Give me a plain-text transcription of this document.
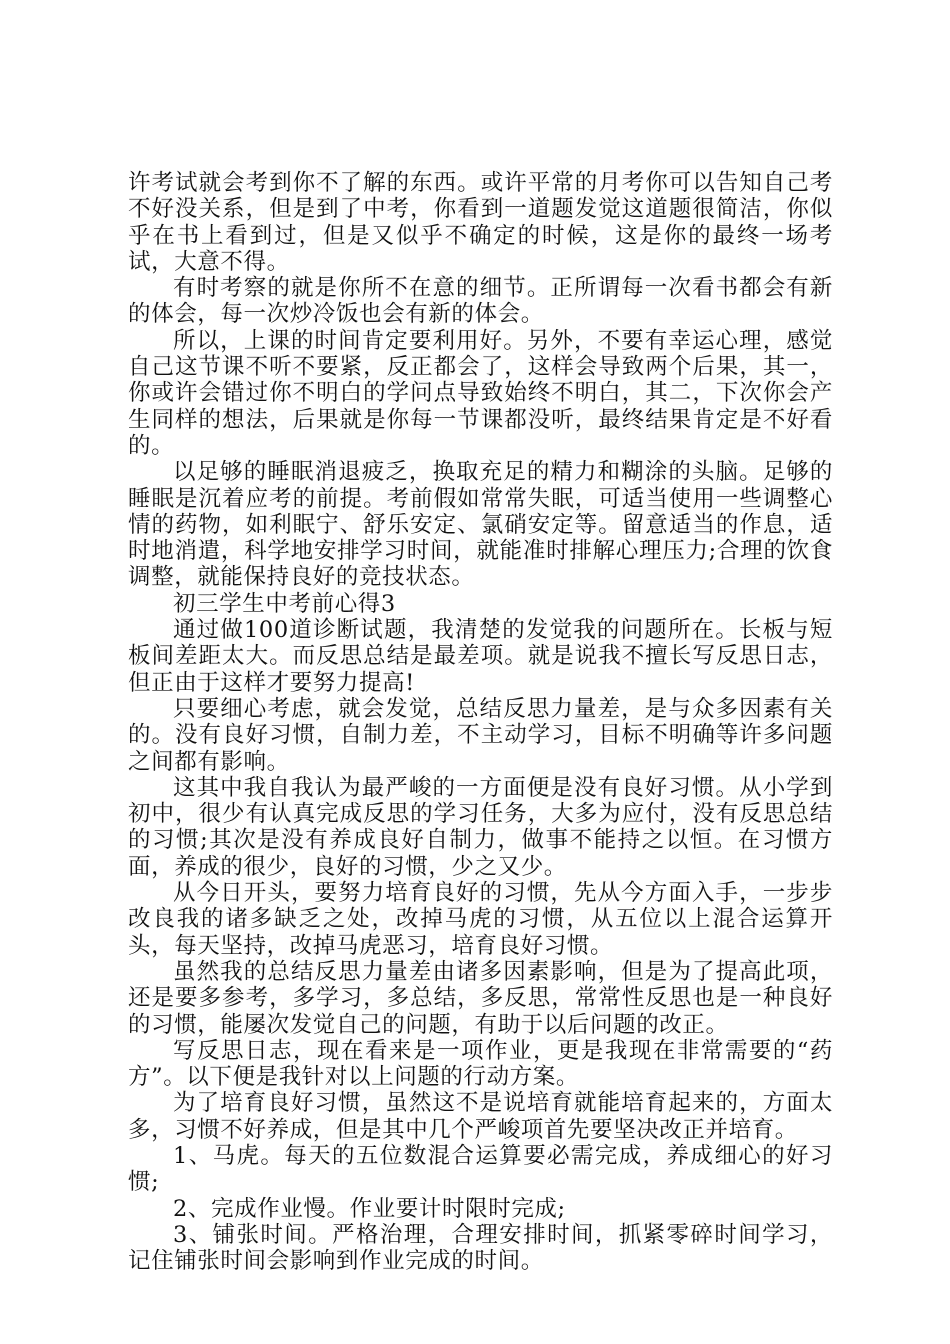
许考试就会考到你不了解的东西。或许平常的月考你可以告知自己考不好没关系，但是到了中考，你看到一道题发觉这道题很简洁，你似乎在书上看到过，但是又似乎不确定的时候，这是你的最终一场考试，大意不得。

有时考察的就是你所不在意的细节。正所谓每一次看书都会有新的体会，每一次炒冷饭也会有新的体会。

所以，上课的时间肯定要利用好。另外，不要有幸运心理，感觉自己这节课不听不要紧，反正都会了，这样会导致两个后果，其一，你或许会错过你不明白的学问点导致始终不明白，其二，下次你会产生同样的想法，后果就是你每一节课都没听，最终结果肯定是不好看的。

以足够的睡眠消退疲乏，换取充足的精力和糊涂的头脑。足够的睡眠是沉着应考的前提。考前假如常常失眠，可适当使用一些调整心情的药物，如利眠宁、舒乐安定、氯硝安定等。留意适当的作息，适时地消遣，科学地安排学习时间，就能准时排解心理压力;合理的饮食调整，就能保持良好的竞技状态。

初三学生中考前心得3

通过做100道诊断试题，我清楚的发觉我的问题所在。长板与短板间差距太大。而反思总结是最差项。就是说我不擅长写反思日志，但正由于这样才要努力提高!

只要细心考虑，就会发觉，总结反思力量差，是与众多因素有关的。没有良好习惯，自制力差，不主动学习，目标不明确等许多问题之间都有影响。

这其中我自我认为最严峻的一方面便是没有良好习惯。从小学到初中，很少有认真完成反思的学习任务，大多为应付，没有反思总结的习惯;其次是没有养成良好自制力，做事不能持之以恒。在习惯方面，养成的很少，良好的习惯，少之又少。

从今日开头，要努力培育良好的习惯，先从今方面入手，一步步改良我的诸多缺乏之处，改掉马虎的习惯，从五位以上混合运算开头，每天坚持，改掉马虎恶习，培育良好习惯。

虽然我的总结反思力量差由诸多因素影响，但是为了提高此项，还是要多参考，多学习，多总结，多反思，常常性反思也是一种良好的习惯，能屡次发觉自己的问题，有助于以后问题的改正。

写反思日志，现在看来是一项作业，更是我现在非常需要的“药方”。以下便是我针对以上问题的行动方案。

为了培育良好习惯，虽然这不是说培育就能培育起来的，方面太多，习惯不好养成，但是其中几个严峻项首先要坚决改正并培育。

1、马虎。每天的五位数混合运算要必需完成，养成细心的好习惯;

2、完成作业慢。作业要计时限时完成;

3、铺张时间。严格治理，合理安排时间，抓紧零碎时间学习，记住铺张时间会影响到作业完成的时间。
